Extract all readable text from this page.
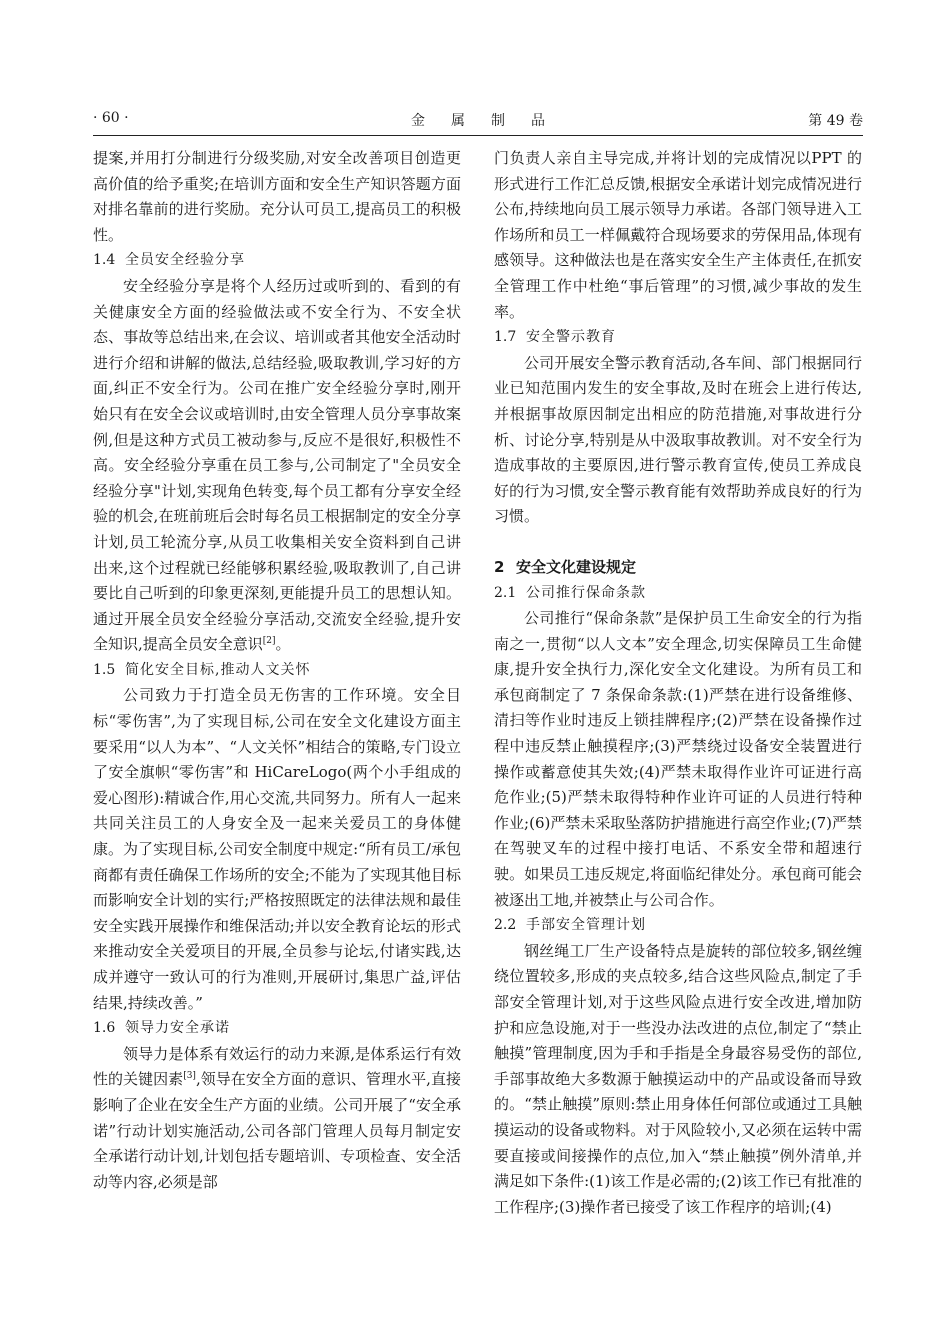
· 60 ·	金属制品	第 49 卷

提案,并用打分制进行分级奖励,对安全改善项目创造更高价值的给予重奖;在培训方面和安全生产知识答题方面对排名靠前的进行奖励。充分认可员工,提高员工的积极性。

1.4 全员安全经验分享

安全经验分享是将个人经历过或听到的、看到的有关健康安全方面的经验做法或不安全行为、不安全状态、事故等总结出来,在会议、培训或者其他安全活动时进行介绍和讲解的做法,总结经验,吸取教训,学习好的方面,纠正不安全行为。公司在推广安全经验分享时,刚开始只有在安全会议或培训时,由安全管理人员分享事故案例,但是这种方式员工被动参与,反应不是很好,积极性不高。安全经验分享重在员工参与,公司制定了"全员安全经验分享"计划,实现角色转变,每个员工都有分享安全经验的机会,在班前班后会时每名员工根据制定的安全分享计划,员工轮流分享,从员工收集相关安全资料到自己讲出来,这个过程就已经能够积累经验,吸取教训了,自己讲要比自己听到的印象更深刻,更能提升员工的思想认知。通过开展全员安全经验分享活动,交流安全经验,提升安全知识,提高全员安全意识[2]。

1.5 简化安全目标,推动人文关怀

公司致力于打造全员无伤害的工作环境。安全目标“零伤害”,为了实现目标,公司在安全文化建设方面主要采用“以人为本”、“人文关怀”相结合的策略,专门设立了安全旗帜“零伤害”和 HiCareLogo(两个小手组成的爱心图形):精诚合作,用心交流,共同努力。所有人一起来共同关注员工的人身安全及一起来关爱员工的身体健康。为了实现目标,公司安全制度中规定:“所有员工/承包商都有责任确保工作场所的安全;不能为了实现其他目标而影响安全计划的实行;严格按照既定的法律法规和最佳安全实践开展操作和维保活动;并以安全教育论坛的形式来推动安全关爱项目的开展,全员参与论坛,付诸实践,达成并遵守一致认可的行为准则,开展研讨,集思广益,评估结果,持续改善。”

1.6 领导力安全承诺

领导力是体系有效运行的动力来源,是体系运行有效性的关键因素[3],领导在安全方面的意识、管理水平,直接影响了企业在安全生产方面的业绩。公司开展了“安全承诺”行动计划实施活动,公司各部门管理人员每月制定安全承诺行动计划,计划包括专题培训、专项检查、安全活动等内容,必须是部

门负责人亲自主导完成,并将计划的完成情况以PPT 的形式进行工作汇总反馈,根据安全承诺计划完成情况进行公布,持续地向员工展示领导力承诺。各部门领导进入工作场所和员工一样佩戴符合现场要求的劳保用品,体现有感领导。这种做法也是在落实安全生产主体责任,在抓安全管理工作中杜绝“事后管理”的习惯,减少事故的发生率。

1.7 安全警示教育

公司开展安全警示教育活动,各车间、部门根据同行业已知范围内发生的安全事故,及时在班会上进行传达,并根据事故原因制定出相应的防范措施,对事故进行分析、讨论分享,特别是从中汲取事故教训。对不安全行为造成事故的主要原因,进行警示教育宣传,使员工养成良好的行为习惯,安全警示教育能有效帮助养成良好的行为习惯。

2 安全文化建设规定
2.1 公司推行保命条款

公司推行“保命条款”是保护员工生命安全的行为指南之一,贯彻“以人文本”安全理念,切实保障员工生命健康,提升安全执行力,深化安全文化建设。为所有员工和承包商制定了 7 条保命条款:(1)严禁在进行设备维修、清扫等作业时违反上锁挂牌程序;(2)严禁在设备操作过程中违反禁止触摸程序;(3)严禁绕过设备安全装置进行操作或蓄意使其失效;(4)严禁未取得作业许可证进行高危作业;(5)严禁未取得特种作业许可证的人员进行特种作业;(6)严禁未采取坠落防护措施进行高空作业;(7)严禁在驾驶叉车的过程中接打电话、不系安全带和超速行驶。如果员工违反规定,将面临纪律处分。承包商可能会被逐出工地,并被禁止与公司合作。

2.2 手部安全管理计划

钢丝绳工厂生产设备特点是旋转的部位较多,钢丝缠绕位置较多,形成的夹点较多,结合这些风险点,制定了手部安全管理计划,对于这些风险点进行安全改进,增加防护和应急设施,对于一些没办法改进的点位,制定了“禁止触摸”管理制度,因为手和手指是全身最容易受伤的部位,手部事故绝大多数源于触摸运动中的产品或设备而导致的。“禁止触摸”原则:禁止用身体任何部位或通过工具触摸运动的设备或物料。对于风险较小,又必须在运转中需要直接或间接操作的点位,加入“禁止触摸”例外清单,并满足如下条件:(1)该工作是必需的;(2)该工作已有批准的工作程序;(3)操作者已接受了该工作程序的培训;(4)
